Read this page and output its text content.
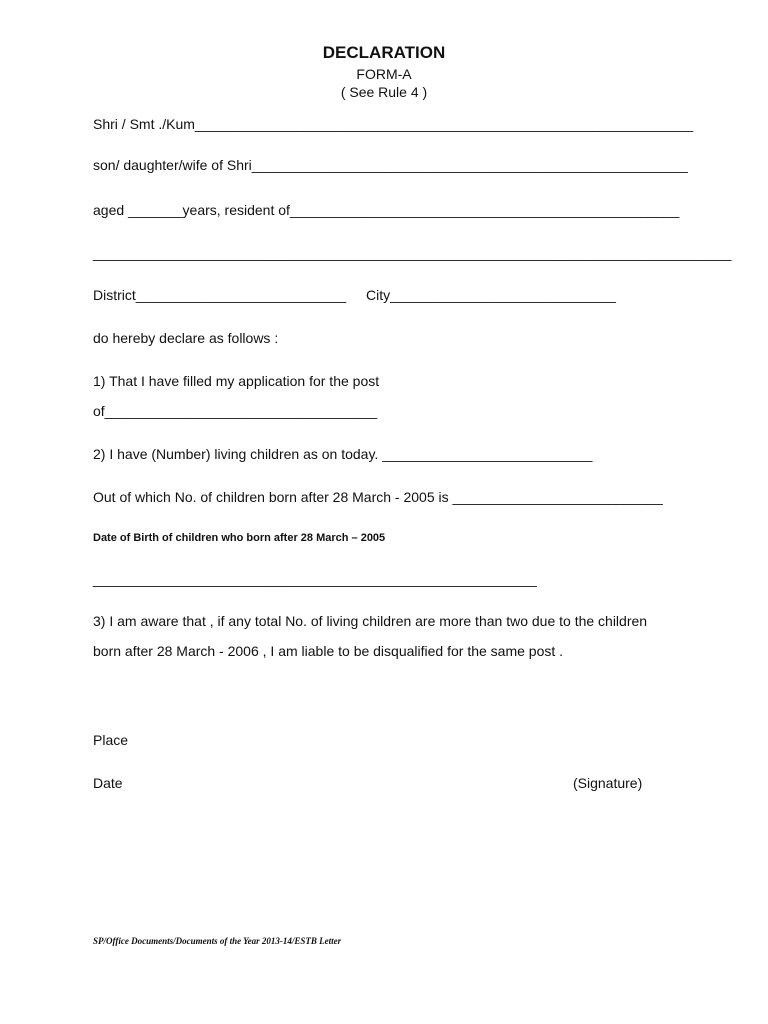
DECLARATION

FORM-A

( See Rule 4 )

Shri / Smt ./Kum________________________________________________________________

son/ daughter/wife of Shri________________________________________________________

aged _______years, resident of__________________________________________________

__________________________________________________________________________________

District___________________________ City_____________________________

do hereby declare as follows :

1) That I have filled my application for the post

of___________________________________

2) I have (Number) living children as on today. ___________________________

Out of which No. of children born after 28 March - 2005 is ___________________________

Date of Birth of children who born after 28 March – 2005

_________________________________________________________

3) I am aware that , if any total No. of living children are more than two due to the children

born after 28 March - 2006 , I am liable to be disqualified for the same post .

Place

Date	(Signature)

SP/Office Documents/Documents of the Year 2013-14/ESTB Letter
